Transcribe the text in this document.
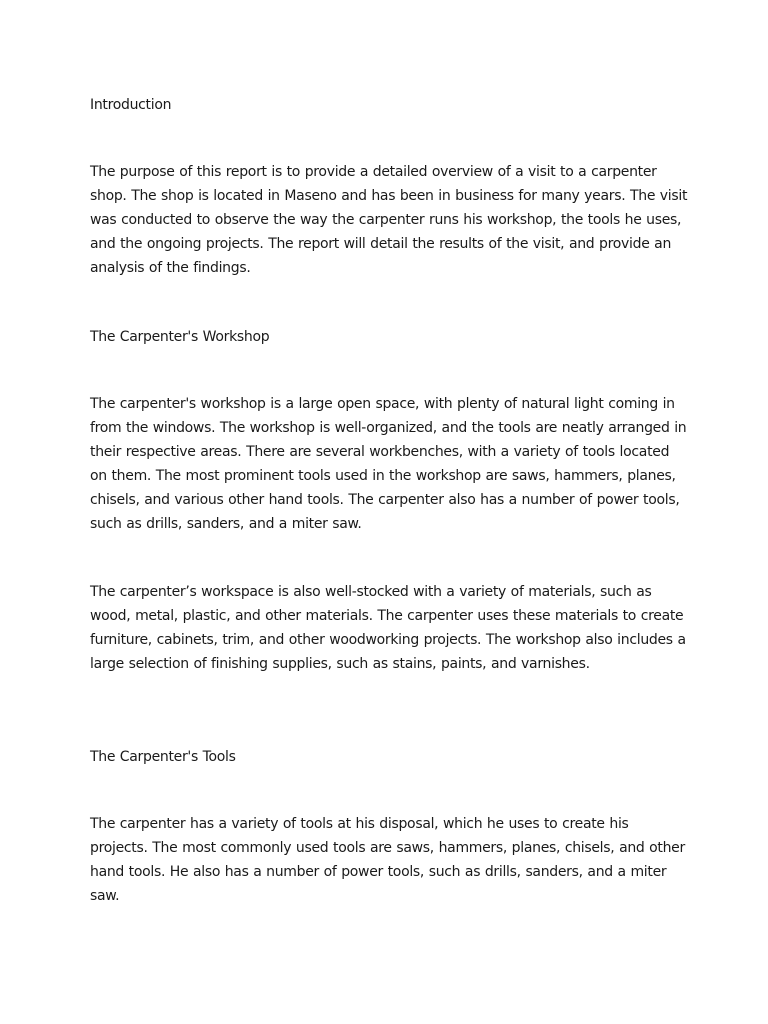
Introduction

The purpose of this report is to provide a detailed overview of a visit to a carpenter shop. The shop is located in Maseno and has been in business for many years. The visit was conducted to observe the way the carpenter runs his workshop, the tools he uses, and the ongoing projects. The report will detail the results of the visit, and provide an analysis of the findings.

The Carpenter's Workshop

The carpenter's workshop is a large open space, with plenty of natural light coming in from the windows. The workshop is well-organized, and the tools are neatly arranged in their respective areas. There are several workbenches, with a variety of tools located on them. The most prominent tools used in the workshop are saws, hammers, planes, chisels, and various other hand tools. The carpenter also has a number of power tools, such as drills, sanders, and a miter saw.

The carpenter’s workspace is also well-stocked with a variety of materials, such as wood, metal, plastic, and other materials. The carpenter uses these materials to create furniture, cabinets, trim, and other woodworking projects. The workshop also includes a large selection of finishing supplies, such as stains, paints, and varnishes.

The Carpenter's Tools

The carpenter has a variety of tools at his disposal, which he uses to create his projects. The most commonly used tools are saws, hammers, planes, chisels, and other hand tools. He also has a number of power tools, such as drills, sanders, and a miter saw.
